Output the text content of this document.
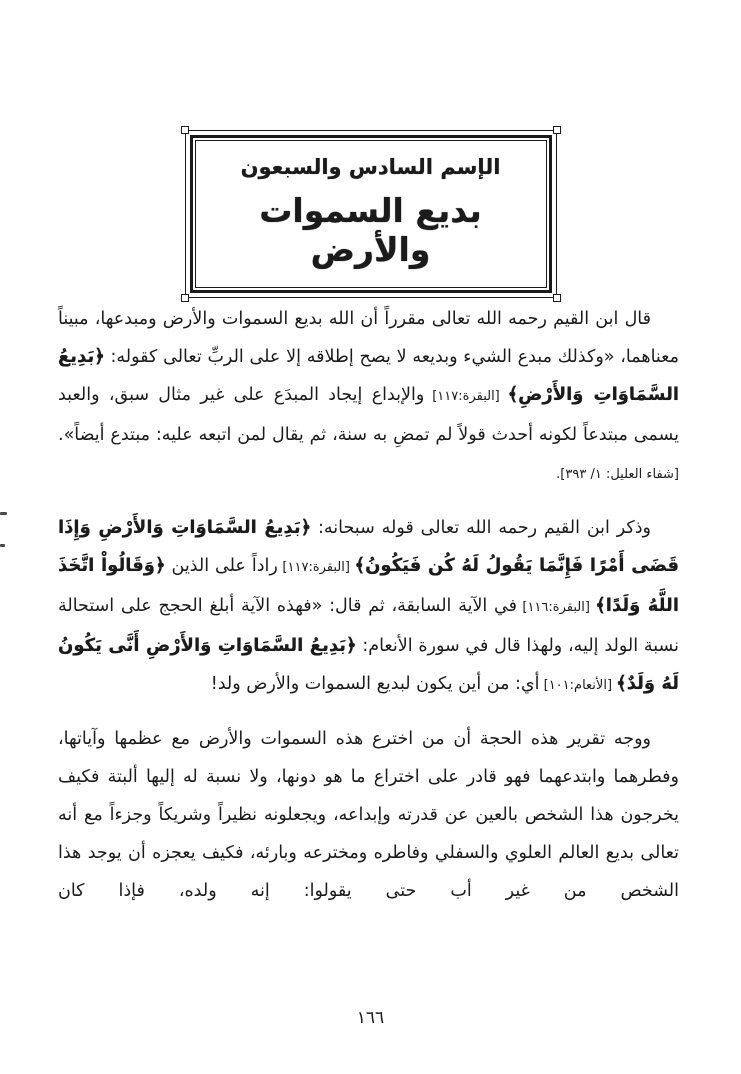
الإسم السادس والسبعون
بديع السموات والأرض

قال ابن القيم رحمه الله تعالى مقرراً أن الله بديع السموات والأرض ومبدعها، مبيناً معناهما، «وكذلك مبدع الشيء وبديعه لا يصح إطلاقه إلا على الربِّ تعالى كقوله: ﴿بَدِيعُ السَّمَاوَاتِ وَالأَرْضِ﴾ [البقرة:١١٧] والإبداع إيجاد المبدَع على غير مثال سبق، والعبد يسمى مبتدعاً لكونه أحدث قولاً لم تمضِ به سنة، ثم يقال لمن اتبعه عليه: مبتدع أيضاً». [شفاء العليل: ١/ ٣٩٣].

وذكر ابن القيم رحمه الله تعالى قوله سبحانه: ﴿بَدِيعُ السَّمَاوَاتِ وَالأَرْضِ وَإِذَا قَضَى أَمْرًا فَإِنَّمَا يَقُولُ لَهُ كُن فَيَكُونُ﴾ [البقرة:١١٧] راداً على الذين ﴿وَقَالُواْ اتَّخَذَ اللَّهُ وَلَدًا﴾ [البقرة:١١٦] في الآية السابقة، ثم قال: «فهذه الآية أبلغ الحجج على استحالة نسبة الولد إليه، ولهذا قال في سورة الأنعام: ﴿بَدِيعُ السَّمَاوَاتِ وَالأَرْضِ أَنَّى يَكُونُ لَهُ وَلَدٌ﴾ [الأنعام:١٠١] أي: من أين يكون لبديع السموات والأرض ولد!

ووجه تقرير هذه الحجة أن من اخترع هذه السموات والأرض مع عظمها وآياتها، وفطرهما وابتدعهما فهو قادر على اختراع ما هو دونها، ولا نسبة له إليها ألبتة فكيف يخرجون هذا الشخص بالعين عن قدرته وإبداعه، ويجعلونه نظيراً وشريكاً وجزءاً مع أنه تعالى بديع العالم العلوي والسفلي وفاطره ومخترعه وبارئه، فكيف يعجزه أن يوجد هذا الشخص من غير أب حتى يقولوا: إنه ولده، فإذا كان

١٦٦
